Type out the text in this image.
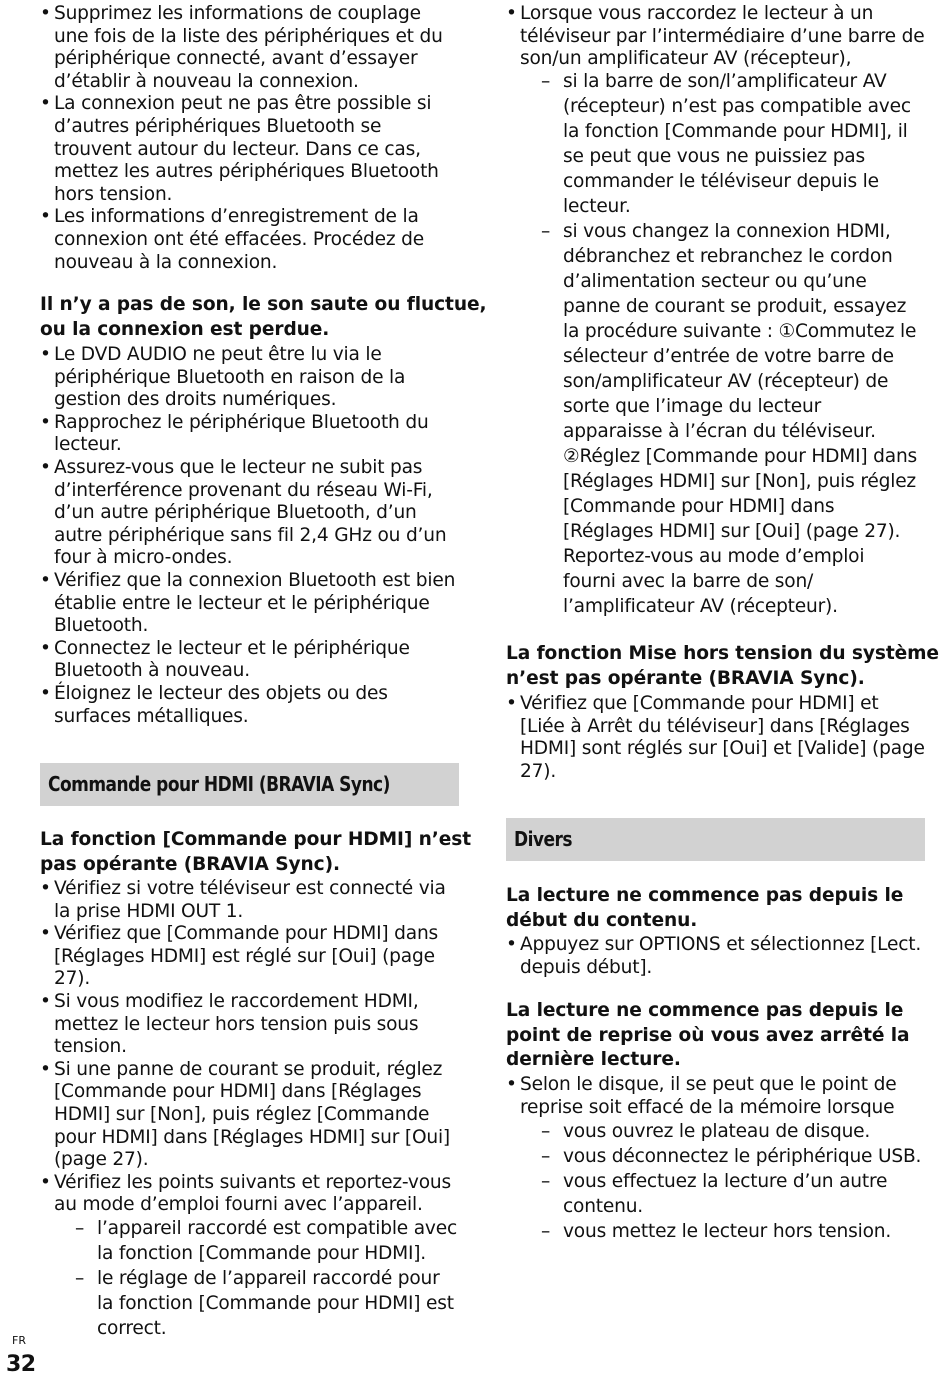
• Supprimez les informations de couplage
une fois de la liste des périphériques et du
périphérique connecté, avant d’essayer
d’établir à nouveau la connexion.
• La connexion peut ne pas être possible si
d’autres périphériques Bluetooth se
trouvent autour du lecteur. Dans ce cas,
mettez les autres périphériques Bluetooth
hors tension.
• Les informations d’enregistrement de la
connexion ont été effacées. Procédez de
nouveau à la connexion.
Il n’y a pas de son, le son saute ou fluctue,
ou la connexion est perdue.
• Le DVD AUDIO ne peut être lu via le
périphérique Bluetooth en raison de la
gestion des droits numériques.
• Rapprochez le périphérique Bluetooth du
lecteur.
• Assurez-vous que le lecteur ne subit pas
d’interférence provenant du réseau Wi-Fi,
d’un autre périphérique Bluetooth, d’un
autre périphérique sans fil 2,4 GHz ou d’un
four à micro-ondes.
• Vérifiez que la connexion Bluetooth est bien
établie entre le lecteur et le périphérique
Bluetooth.
• Connectez le lecteur et le périphérique
Bluetooth à nouveau.
• Éloignez le lecteur des objets ou des
surfaces métalliques.
Commande pour HDMI (BRAVIA Sync)
La fonction [Commande pour HDMI] n’est
pas opérante (BRAVIA Sync).
• Vérifiez si votre téléviseur est connecté via
la prise HDMI OUT 1.
• Vérifiez que [Commande pour HDMI] dans
[Réglages HDMI] est réglé sur [Oui] (page
27).
• Si vous modifiez le raccordement HDMI,
mettez le lecteur hors tension puis sous
tension.
• Si une panne de courant se produit, réglez
[Commande pour HDMI] dans [Réglages
HDMI] sur [Non], puis réglez [Commande
pour HDMI] dans [Réglages HDMI] sur [Oui]
(page 27).
• Vérifiez les points suivants et reportez-vous
au mode d’emploi fourni avec l’appareil.
– l’appareil raccordé est compatible avec
la fonction [Commande pour HDMI].
– le réglage de l’appareil raccordé pour
la fonction [Commande pour HDMI] est
correct.
• Lorsque vous raccordez le lecteur à un
téléviseur par l’intermédiaire d’une barre de
son/un amplificateur AV (récepteur),
– si la barre de son/l’amplificateur AV
(récepteur) n’est pas compatible avec
la fonction [Commande pour HDMI], il
se peut que vous ne puissiez pas
commander le téléviseur depuis le
lecteur.
– si vous changez la connexion HDMI,
débranchez et rebranchez le cordon
d’alimentation secteur ou qu’une
panne de courant se produit, essayez
la procédure suivante : ①Commutez le
sélecteur d’entrée de votre barre de
son/amplificateur AV (récepteur) de
sorte que l’image du lecteur
apparaisse à l’écran du téléviseur.
②Réglez [Commande pour HDMI] dans
[Réglages HDMI] sur [Non], puis réglez
[Commande pour HDMI] dans
[Réglages HDMI] sur [Oui] (page 27).
Reportez-vous au mode d’emploi
fourni avec la barre de son/
l’amplificateur AV (récepteur).
La fonction Mise hors tension du système
n’est pas opérante (BRAVIA Sync).
• Vérifiez que [Commande pour HDMI] et
[Liée à Arrêt du téléviseur] dans [Réglages
HDMI] sont réglés sur [Oui] et [Valide] (page
27).
Divers
La lecture ne commence pas depuis le
début du contenu.
• Appuyez sur OPTIONS et sélectionnez [Lect.
depuis début].
La lecture ne commence pas depuis le
point de reprise où vous avez arrêté la
dernière lecture.
• Selon le disque, il se peut que le point de
reprise soit effacé de la mémoire lorsque
– vous ouvrez le plateau de disque.
– vous déconnectez le périphérique USB.
– vous effectuez la lecture d’un autre
contenu.
– vous mettez le lecteur hors tension.
FR
32
